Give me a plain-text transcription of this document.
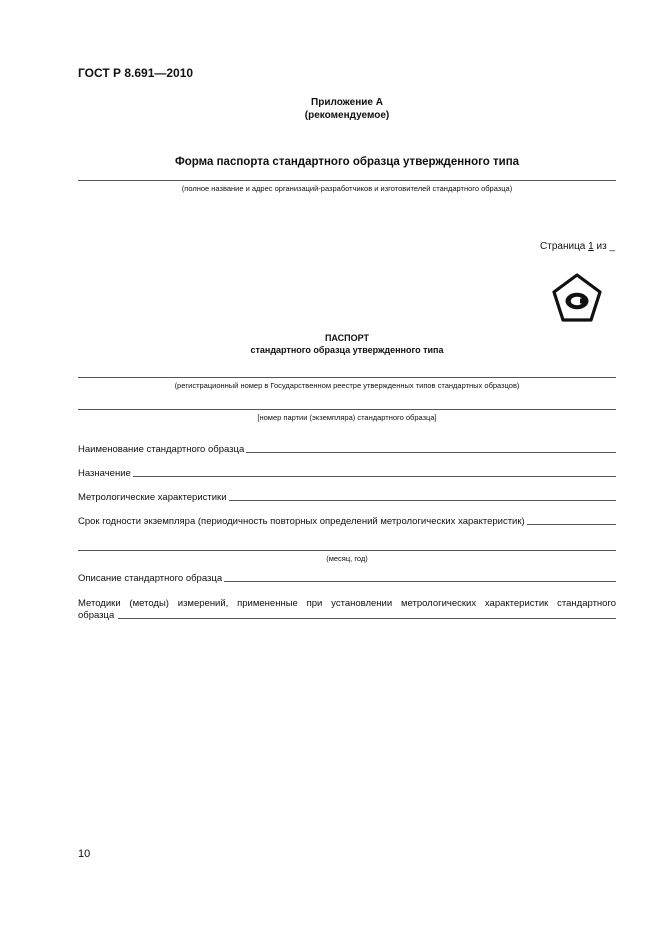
ГОСТ Р 8.691—2010
Приложение А
(рекомендуемое)
Форма паспорта стандартного образца утвержденного типа
(полное название и адрес организаций-разработчиков и изготовителей стандартного образца)
Страница 1 из _
ПАСПОРТ
стандартного образца утвержденного типа
(регистрационный номер в Государственном реестре утвержденных типов стандартных образцов)
[номер партии (экземпляра) стандартного образца]
Наименование стандартного образца
Назначение
Метрологические характеристики
Срок годности экземпляра (периодичность повторных определений метрологических характеристик)
(месяц, год)
Описание стандартного образца
Методики (методы) измерений, примененные при установлении метрологических характеристик стандартного
образца
10
